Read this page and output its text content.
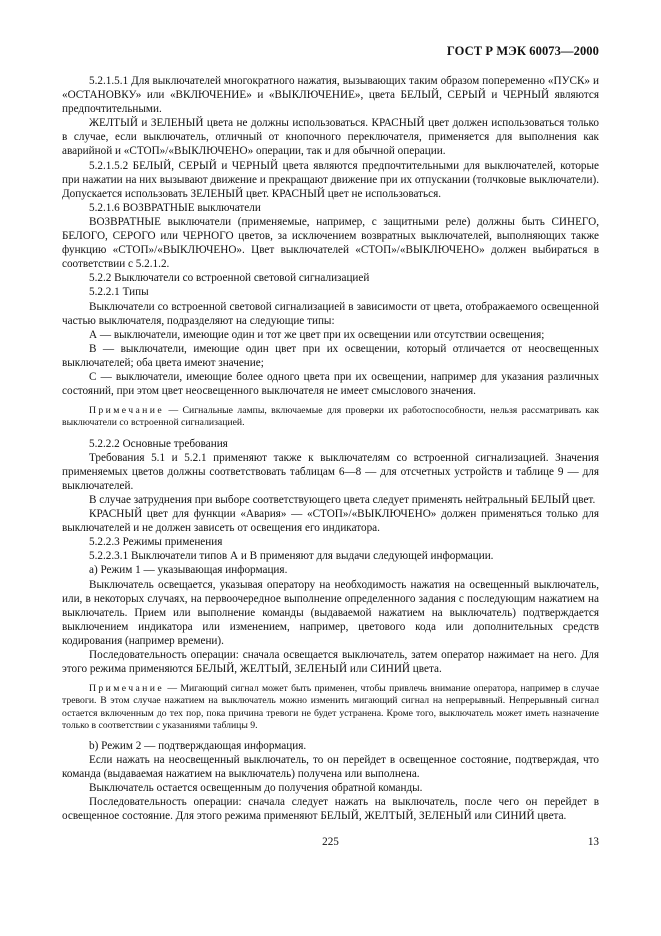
ГОСТ Р МЭК 60073—2000

5.2.1.5.1 Для выключателей многократного нажатия, вызывающих таким образом попеременно «ПУСК» и «ОСТАНОВКУ» или «ВКЛЮЧЕНИЕ» и «ВЫКЛЮЧЕНИЕ», цвета БЕЛЫЙ, СЕРЫЙ и ЧЕРНЫЙ являются предпочтительными.

ЖЕЛТЫЙ и ЗЕЛЕНЫЙ цвета не должны использоваться. КРАСНЫЙ цвет должен использоваться только в случае, если выключатель, отличный от кнопочного переключателя, применяется для выполнения как аварийной и «СТОП»/«ВЫКЛЮЧЕНО» операции, так и для обычной операции.

5.2.1.5.2 БЕЛЫЙ, СЕРЫЙ и ЧЕРНЫЙ цвета являются предпочтительными для выключателей, которые при нажатии на них вызывают движение и прекращают движение при их отпускании (толчковые выключатели). Допускается использовать ЗЕЛЕНЫЙ цвет. КРАСНЫЙ цвет не использоваться.

5.2.1.6 ВОЗВРАТНЫЕ выключатели

ВОЗВРАТНЫЕ выключатели (применяемые, например, с защитными реле) должны быть СИНЕГО, БЕЛОГО, СЕРОГО или ЧЕРНОГО цветов, за исключением возвратных выключателей, выполняющих также функцию «СТОП»/«ВЫКЛЮЧЕНО». Цвет выключателей «СТОП»/«ВЫКЛЮЧЕНО» должен выбираться в соответствии с 5.2.1.2.

5.2.2 Выключатели со встроенной световой сигнализацией

5.2.2.1 Типы

Выключатели со встроенной световой сигнализацией в зависимости от цвета, отображаемого освещенной частью выключателя, подразделяют на следующие типы:

А — выключатели, имеющие один и тот же цвет при их освещении или отсутствии освещения;

В — выключатели, имеющие один цвет при их освещении, который отличается от неосвещенных выключателей; оба цвета имеют значение;

С — выключатели, имеющие более одного цвета при их освещении, например для указания различных состояний, при этом цвет неосвещенного выключателя не имеет смыслового значения.

Примечание — Сигнальные лампы, включаемые для проверки их работоспособности, нельзя рассматривать как выключатели со встроенной сигнализацией.

5.2.2.2 Основные требования

Требования 5.1 и 5.2.1 применяют также к выключателям со встроенной сигнализацией. Значения применяемых цветов должны соответствовать таблицам 6—8 — для отсчетных устройств и таблице 9 — для выключателей.

В случае затруднения при выборе соответствующего цвета следует применять нейтральный БЕЛЫЙ цвет.

КРАСНЫЙ цвет для функции «Авария» — «СТОП»/«ВЫКЛЮЧЕНО» должен применяться только для выключателей и не должен зависеть от освещения его индикатора.

5.2.2.3 Режимы применения

5.2.2.3.1 Выключатели типов А и В применяют для выдачи следующей информации.

а) Режим 1 — указывающая информация.

Выключатель освещается, указывая оператору на необходимость нажатия на освещенный выключатель, или, в некоторых случаях, на первоочередное выполнение определенного задания с последующим нажатием на выключатель. Прием или выполнение команды (выдаваемой нажатием на выключатель) подтверждается выключением индикатора или изменением, например, цветового кода или дополнительных средств кодирования (например времени).

Последовательность операции: сначала освещается выключатель, затем оператор нажимает на него. Для этого режима применяются БЕЛЫЙ, ЖЕЛТЫЙ, ЗЕЛЕНЫЙ или СИНИЙ цвета.

Примечание — Мигающий сигнал может быть применен, чтобы привлечь внимание оператора, например в случае тревоги. В этом случае нажатием на выключатель можно изменить мигающий сигнал на непрерывный. Непрерывный сигнал остается включенным до тех пор, пока причина тревоги не будет устранена. Кроме того, выключатель может иметь назначение только в соответствии с указаниями таблицы 9.

b) Режим 2 — подтверждающая информация.

Если нажать на неосвещенный выключатель, то он перейдет в освещенное состояние, подтверждая, что команда (выдаваемая нажатием на выключатель) получена или выполнена.

Выключатель остается освещенным до получения обратной команды.

Последовательность операции: сначала следует нажать на выключатель, после чего он перейдет в освещенное состояние. Для этого режима применяют БЕЛЫЙ, ЖЕЛТЫЙ, ЗЕЛЕНЫЙ или СИНИЙ цвета.

225	13
